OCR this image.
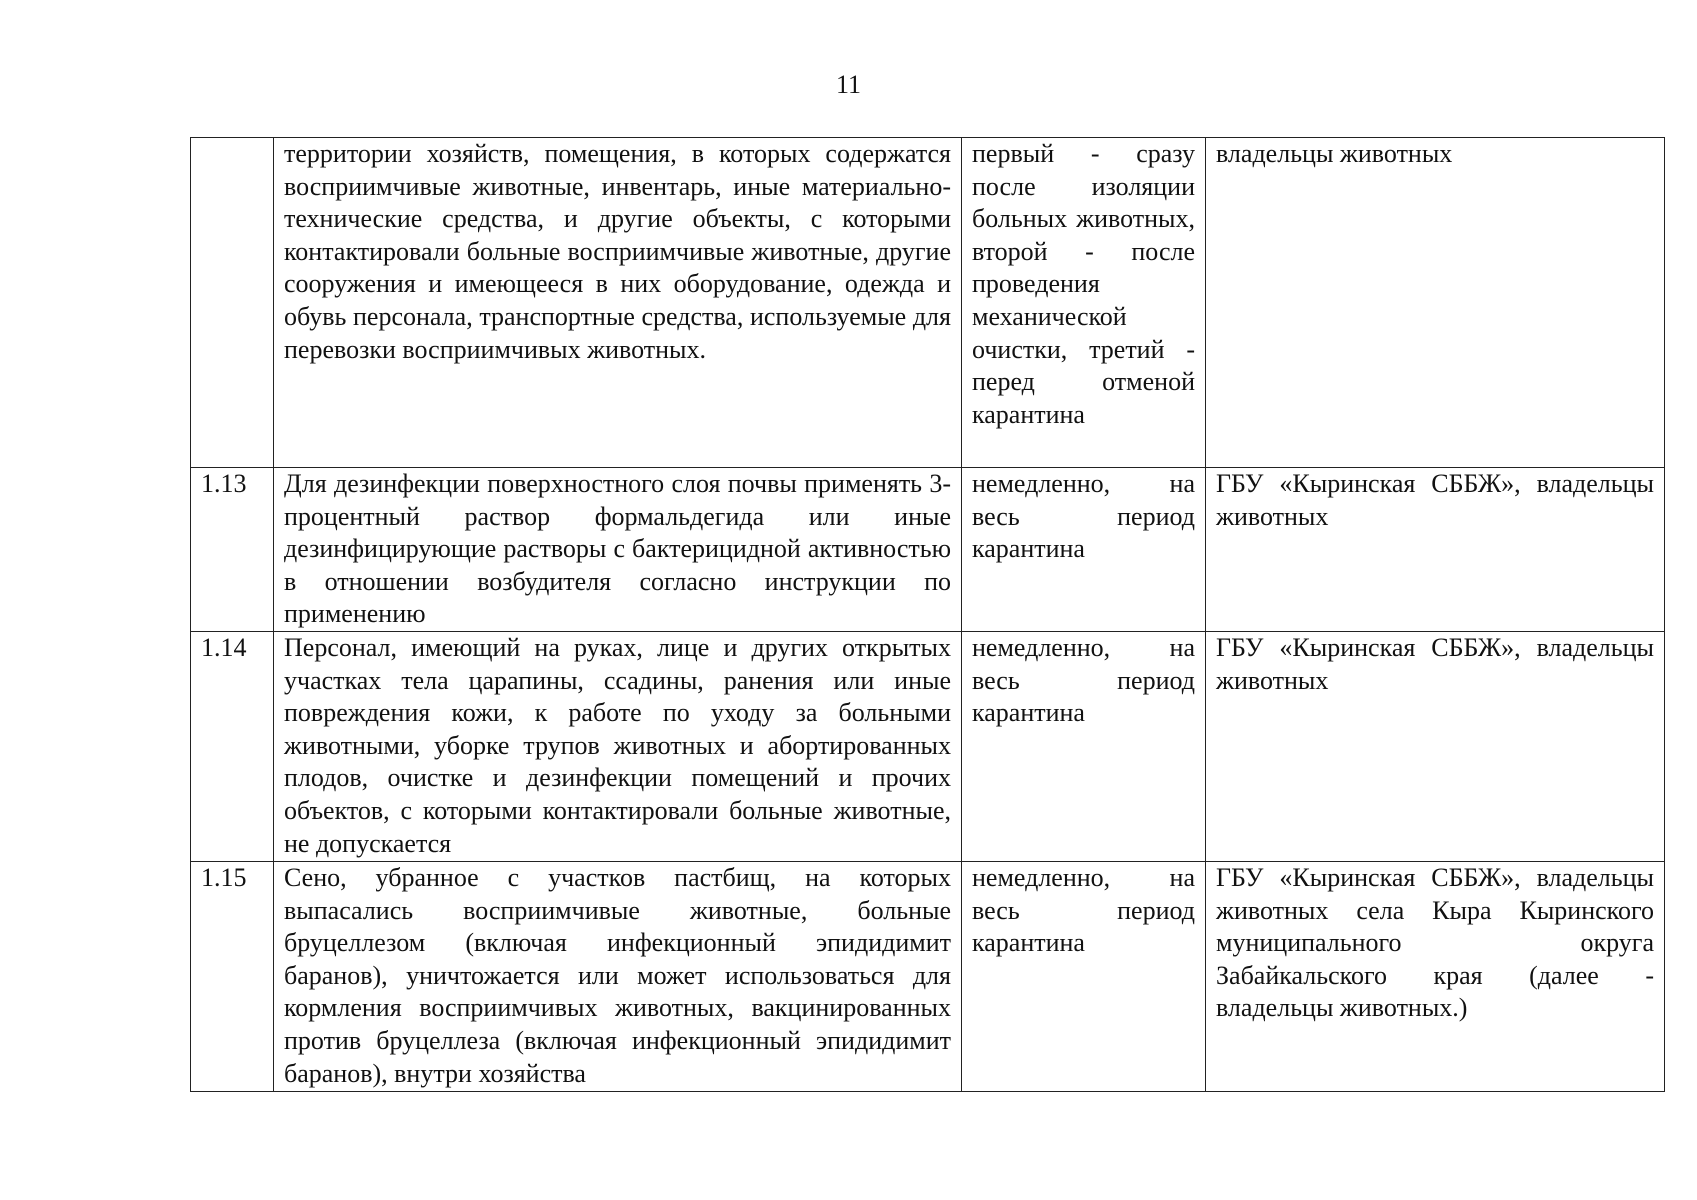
11
	территории хозяйств, помещения, в которых содержатся восприимчивые животные, инвентарь, иные материально-технические средства, и другие объекты, с которыми контактировали больные восприимчивые животные, другие сооружения и имеющееся в них оборудование, одежда и обувь персонала, транспортные средства, используемые для перевозки восприимчивых животных.	первый - сразу после изоляции больных животных, второй - после проведения механической очистки, третий - перед отменой карантина	владельцы животных
1.13	Для дезинфекции поверхностного слоя почвы применять 3-процентный раствор формальдегида или иные дезинфицирующие растворы с бактерицидной активностью в отношении возбудителя согласно инструкции по применению	немедленно, на весь период карантина	ГБУ «Кыринская СББЖ», владельцы животных
1.14	Персонал, имеющий на руках, лице и других открытых участках тела царапины, ссадины, ранения или иные повреждения кожи, к работе по уходу за больными животными, уборке трупов животных и абортированных плодов, очистке и дезинфекции помещений и прочих объектов, с которыми контактировали больные животные, не допускается	немедленно, на весь период карантина	ГБУ «Кыринская СББЖ», владельцы животных
1.15	Сено, убранное с участков пастбищ, на которых выпасались восприимчивые животные, больные бруцеллезом (включая инфекционный эпидидимит баранов), уничтожается или может использоваться для кормления восприимчивых животных, вакцинированных против бруцеллеза (включая инфекционный эпидидимит баранов), внутри хозяйства	немедленно, на весь период карантина	ГБУ «Кыринская СББЖ», владельцы животных села Кыра Кыринского муниципального округа Забайкальского края (далее - владельцы животных.)
